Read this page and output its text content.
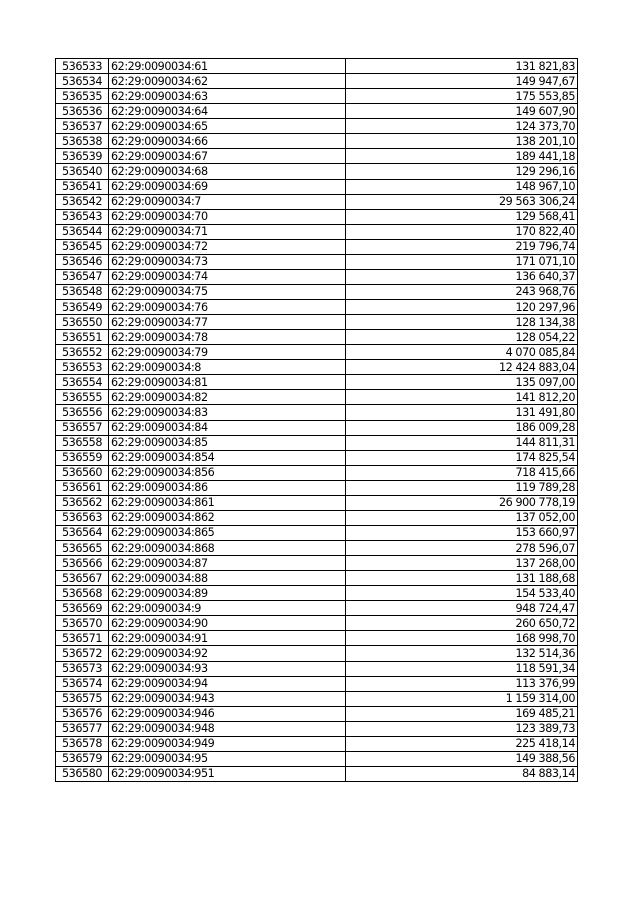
536533	62:29:0090034:61	131 821,83
536534	62:29:0090034:62	149 947,67
536535	62:29:0090034:63	175 553,85
536536	62:29:0090034:64	149 607,90
536537	62:29:0090034:65	124 373,70
536538	62:29:0090034:66	138 201,10
536539	62:29:0090034:67	189 441,18
536540	62:29:0090034:68	129 296,16
536541	62:29:0090034:69	148 967,10
536542	62:29:0090034:7	29 563 306,24
536543	62:29:0090034:70	129 568,41
536544	62:29:0090034:71	170 822,40
536545	62:29:0090034:72	219 796,74
536546	62:29:0090034:73	171 071,10
536547	62:29:0090034:74	136 640,37
536548	62:29:0090034:75	243 968,76
536549	62:29:0090034:76	120 297,96
536550	62:29:0090034:77	128 134,38
536551	62:29:0090034:78	128 054,22
536552	62:29:0090034:79	4 070 085,84
536553	62:29:0090034:8	12 424 883,04
536554	62:29:0090034:81	135 097,00
536555	62:29:0090034:82	141 812,20
536556	62:29:0090034:83	131 491,80
536557	62:29:0090034:84	186 009,28
536558	62:29:0090034:85	144 811,31
536559	62:29:0090034:854	174 825,54
536560	62:29:0090034:856	718 415,66
536561	62:29:0090034:86	119 789,28
536562	62:29:0090034:861	26 900 778,19
536563	62:29:0090034:862	137 052,00
536564	62:29:0090034:865	153 660,97
536565	62:29:0090034:868	278 596,07
536566	62:29:0090034:87	137 268,00
536567	62:29:0090034:88	131 188,68
536568	62:29:0090034:89	154 533,40
536569	62:29:0090034:9	948 724,47
536570	62:29:0090034:90	260 650,72
536571	62:29:0090034:91	168 998,70
536572	62:29:0090034:92	132 514,36
536573	62:29:0090034:93	118 591,34
536574	62:29:0090034:94	113 376,99
536575	62:29:0090034:943	1 159 314,00
536576	62:29:0090034:946	169 485,21
536577	62:29:0090034:948	123 389,73
536578	62:29:0090034:949	225 418,14
536579	62:29:0090034:95	149 388,56
536580	62:29:0090034:951	84 883,14
